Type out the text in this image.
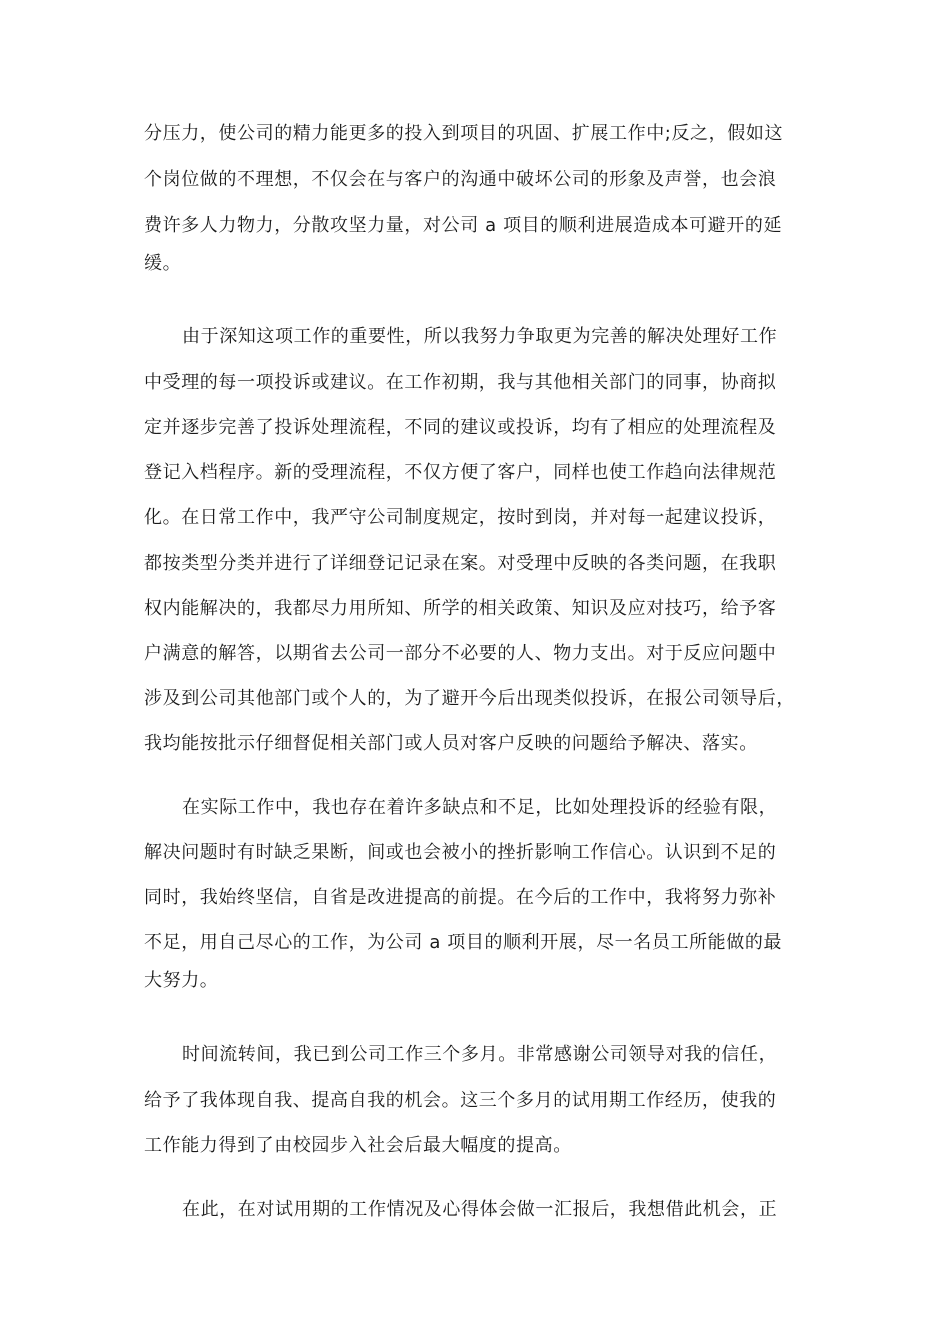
分压力，使公司的精力能更多的投入到项目的巩固、扩展工作中;反之，假如这
个岗位做的不理想，不仅会在与客户的沟通中破坏公司的形象及声誉，也会浪
费许多人力物力，分散攻坚力量，对公司 a 项目的顺利进展造成本可避开的延
缓。
由于深知这项工作的重要性，所以我努力争取更为完善的解决处理好工作
中受理的每一项投诉或建议。在工作初期，我与其他相关部门的同事，协商拟
定并逐步完善了投诉处理流程，不同的建议或投诉，均有了相应的处理流程及
登记入档程序。新的受理流程，不仅方便了客户，同样也使工作趋向法律规范
化。在日常工作中，我严守公司制度规定，按时到岗，并对每一起建议投诉，
都按类型分类并进行了详细登记记录在案。对受理中反映的各类问题，在我职
权内能解决的，我都尽力用所知、所学的相关政策、知识及应对技巧，给予客
户满意的解答，以期省去公司一部分不必要的人、物力支出。对于反应问题中
涉及到公司其他部门或个人的，为了避开今后出现类似投诉，在报公司领导后，
我均能按批示仔细督促相关部门或人员对客户反映的问题给予解决、落实。
在实际工作中，我也存在着许多缺点和不足，比如处理投诉的经验有限，
解决问题时有时缺乏果断，间或也会被小的挫折影响工作信心。认识到不足的
同时，我始终坚信，自省是改进提高的前提。在今后的工作中，我将努力弥补
不足，用自己尽心的工作，为公司 a 项目的顺利开展，尽一名员工所能做的最
大努力。
时间流转间，我已到公司工作三个多月。非常感谢公司领导对我的信任，
给予了我体现自我、提高自我的机会。这三个多月的试用期工作经历，使我的
工作能力得到了由校园步入社会后最大幅度的提高。
在此，在对试用期的工作情况及心得体会做一汇报后，我想借此机会，正
